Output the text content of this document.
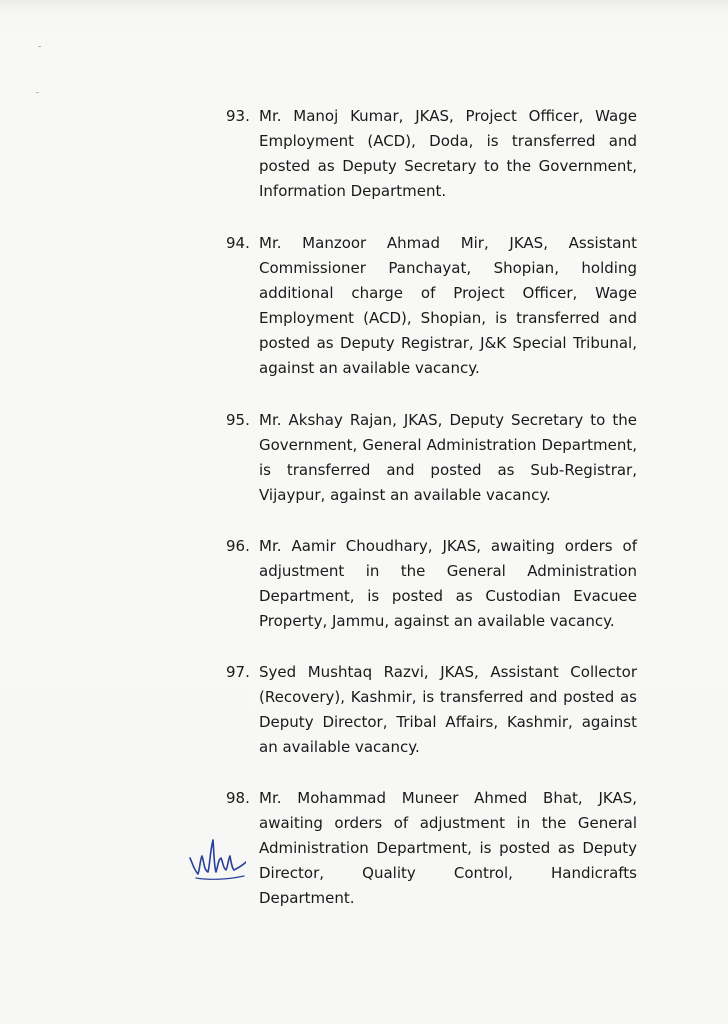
93. Mr. Manoj Kumar, JKAS, Project Officer, Wage Employment (ACD), Doda, is transferred and posted as Deputy Secretary to the Government, Information Department.
94. Mr. Manzoor Ahmad Mir, JKAS, Assistant Commissioner Panchayat, Shopian, holding additional charge of Project Officer, Wage Employment (ACD), Shopian, is transferred and posted as Deputy Registrar, J&K Special Tribunal, against an available vacancy.
95. Mr. Akshay Rajan, JKAS, Deputy Secretary to the Government, General Administration Department, is transferred and posted as Sub-Registrar, Vijaypur, against an available vacancy.
96. Mr. Aamir Choudhary, JKAS, awaiting orders of adjustment in the General Administration Department, is posted as Custodian Evacuee Property, Jammu, against an available vacancy.
97. Syed Mushtaq Razvi, JKAS, Assistant Collector (Recovery), Kashmir, is transferred and posted as Deputy Director, Tribal Affairs, Kashmir, against an available vacancy.
98. Mr. Mohammad Muneer Ahmed Bhat, JKAS, awaiting orders of adjustment in the General Administration Department, is posted as Deputy Director, Quality Control, Handicrafts Department.
